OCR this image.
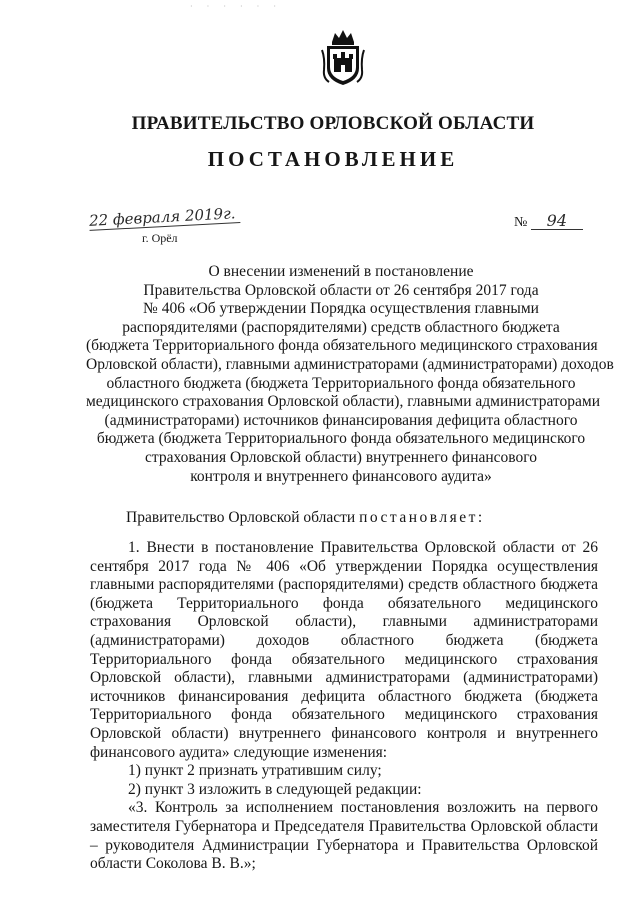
· · · · · ·
ПРАВИТЕЛЬСТВО ОРЛОВСКОЙ ОБЛАСТИ
ПОСТАНОВЛЕНИЕ
22 февраля 2019г.
г. Орёл
№ 94
О внесении изменений в постановление
Правительства Орловской области от 26 сентября 2017 года
№ 406 «Об утверждении Порядка осуществления главными
распорядителями (распорядителями) средств областного бюджета
(бюджета Территориального фонда обязательного медицинского страхования
Орловской области), главными администраторами (администраторами) доходов
областного бюджета (бюджета Территориального фонда обязательного
медицинского страхования Орловской области), главными администраторами
(администраторами) источников финансирования дефицита областного
бюджета (бюджета Территориального фонда обязательного медицинского
страхования Орловской области) внутреннего финансового
контроля и внутреннего финансового аудита»
Правительство Орловской области постановляет:

1. Внести в постановление Правительства Орловской области от 26 сентября 2017 года № 406 «Об утверждении Порядка осуществления главными распорядителями (распорядителями) средств областного бюджета (бюджета Территориального фонда обязательного медицинского страхования Орловской области), главными администраторами (администраторами) доходов областного бюджета (бюджета Территориального фонда обязательного медицинского страхования Орловской области), главными администраторами (администраторами) источников финансирования дефицита областного бюджета (бюджета Территориального фонда обязательного медицинского страхования Орловской области) внутреннего финансового контроля и внутреннего финансового аудита» следующие изменения:

1) пункт 2 признать утратившим силу;

2) пункт 3 изложить в следующей редакции:

«3. Контроль за исполнением постановления возложить на первого заместителя Губернатора и Председателя Правительства Орловской области – руководителя Администрации Губернатора и Правительства Орловской области Соколова В. В.»;
